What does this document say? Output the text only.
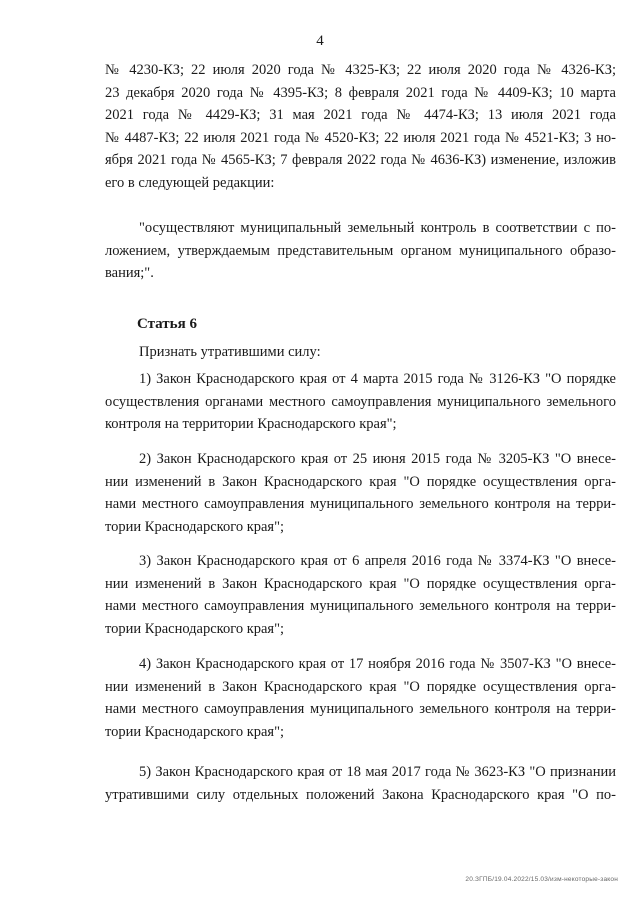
4
№ 4230-КЗ; 22 июля 2020 года № 4325-КЗ; 22 июля 2020 года № 4326-КЗ;
23 декабря 2020 года № 4395-КЗ; 8 февраля 2021 года № 4409-КЗ; 10 марта
2021 года № 4429-КЗ; 31 мая 2021 года № 4474-КЗ; 13 июля 2021 года
№ 4487-КЗ; 22 июля 2021 года № 4520-КЗ; 22 июля 2021 года № 4521-КЗ; 3 но-
ября 2021 года № 4565-КЗ; 7 февраля 2022 года № 4636-КЗ) изменение, изложив
его в следующей редакции:
"осуществляют муниципальный земельный контроль в соответствии с по-
ложением, утверждаемым представительным органом муниципального образо-
вания;".
Статья 6
Признать утратившими силу:
1) Закон Краснодарского края от 4 марта 2015 года № 3126-КЗ "О порядке
осуществления органами местного самоуправления муниципального земельного
контроля на территории Краснодарского края";
2) Закон Краснодарского края от 25 июня 2015 года № 3205-КЗ "О внесе-
нии изменений в Закон Краснодарского края "О порядке осуществления орга-
нами местного самоуправления муниципального земельного контроля на терри-
тории Краснодарского края";
3) Закон Краснодарского края от 6 апреля 2016 года № 3374-КЗ "О внесе-
нии изменений в Закон Краснодарского края "О порядке осуществления орга-
нами местного самоуправления муниципального земельного контроля на терри-
тории Краснодарского края";
4) Закон Краснодарского края от 17 ноября 2016 года № 3507-КЗ "О внесе-
нии изменений в Закон Краснодарского края "О порядке осуществления орга-
нами местного самоуправления муниципального земельного контроля на терри-
тории Краснодарского края";
5) Закон Краснодарского края от 18 мая 2017 года № 3623-КЗ "О признании
утратившими силу отдельных положений Закона Краснодарского края "О по-
20.ЗГПБ/19.04.2022/15.03/изм-некоторые-закон
